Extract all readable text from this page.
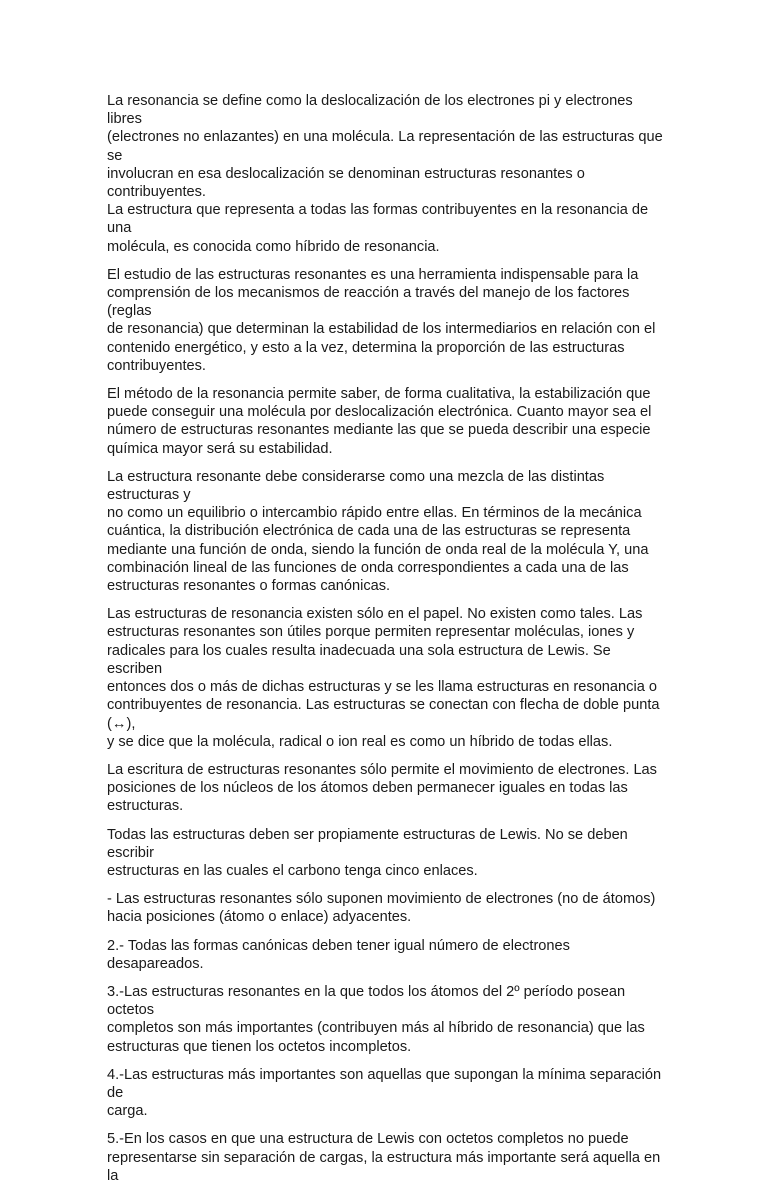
La resonancia se define como la deslocalización de los electrones pi y electrones libres
(electrones no enlazantes) en una molécula. La representación de las estructuras que se
involucran en esa deslocalización se denominan estructuras resonantes o contribuyentes.
La estructura que representa a todas las formas contribuyentes en la resonancia de una
molécula, es conocida como híbrido de resonancia.

El estudio de las estructuras resonantes es una herramienta indispensable para la
comprensión de los mecanismos de reacción a través del manejo de los factores (reglas
de resonancia) que determinan la estabilidad de los intermediarios en relación con el
contenido energético, y esto a la vez, determina la proporción de las estructuras
contribuyentes.

El método de la resonancia permite saber, de forma cualitativa, la estabilización que
puede conseguir una molécula por deslocalización electrónica. Cuanto mayor sea el
número de estructuras resonantes mediante las que se pueda describir una especie
química mayor será su estabilidad.

La estructura resonante debe considerarse como una mezcla de las distintas estructuras y
no como un equilibrio o intercambio rápido entre ellas. En términos de la mecánica
cuántica, la distribución electrónica de cada una de las estructuras se representa
mediante una función de onda, siendo la función de onda real de la molécula Y, una
combinación lineal de las funciones de onda correspondientes a cada una de las
estructuras resonantes o formas canónicas.

Las estructuras de resonancia existen sólo en el papel. No existen como tales. Las
estructuras resonantes son útiles porque permiten representar moléculas, iones y
radicales para los cuales resulta inadecuada una sola estructura de Lewis. Se escriben
entonces dos o más de dichas estructuras y se les llama estructuras en resonancia o
contribuyentes de resonancia. Las estructuras se conectan con flecha de doble punta (↔),
y se dice que la molécula, radical o ion real es como un híbrido de todas ellas.

La escritura de estructuras resonantes sólo permite el movimiento de electrones. Las
posiciones de los núcleos de los átomos deben permanecer iguales en todas las
estructuras.

Todas las estructuras deben ser propiamente estructuras de Lewis. No se deben escribir
estructuras en las cuales el carbono tenga cinco enlaces.

- Las estructuras resonantes sólo suponen movimiento de electrones (no de átomos)
hacia posiciones (átomo o enlace) adyacentes.

2.- Todas las formas canónicas deben tener igual número de electrones desapareados.

3.-Las estructuras resonantes en la que todos los átomos del 2º período posean octetos
completos son más importantes (contribuyen más al híbrido de resonancia) que las
estructuras que tienen los octetos incompletos.

4.-Las estructuras más importantes son aquellas que supongan la mínima separación de
carga.

5.-En los casos en que una estructura de Lewis con octetos completos no puede
representarse sin separación de cargas, la estructura más importante será aquella en la
